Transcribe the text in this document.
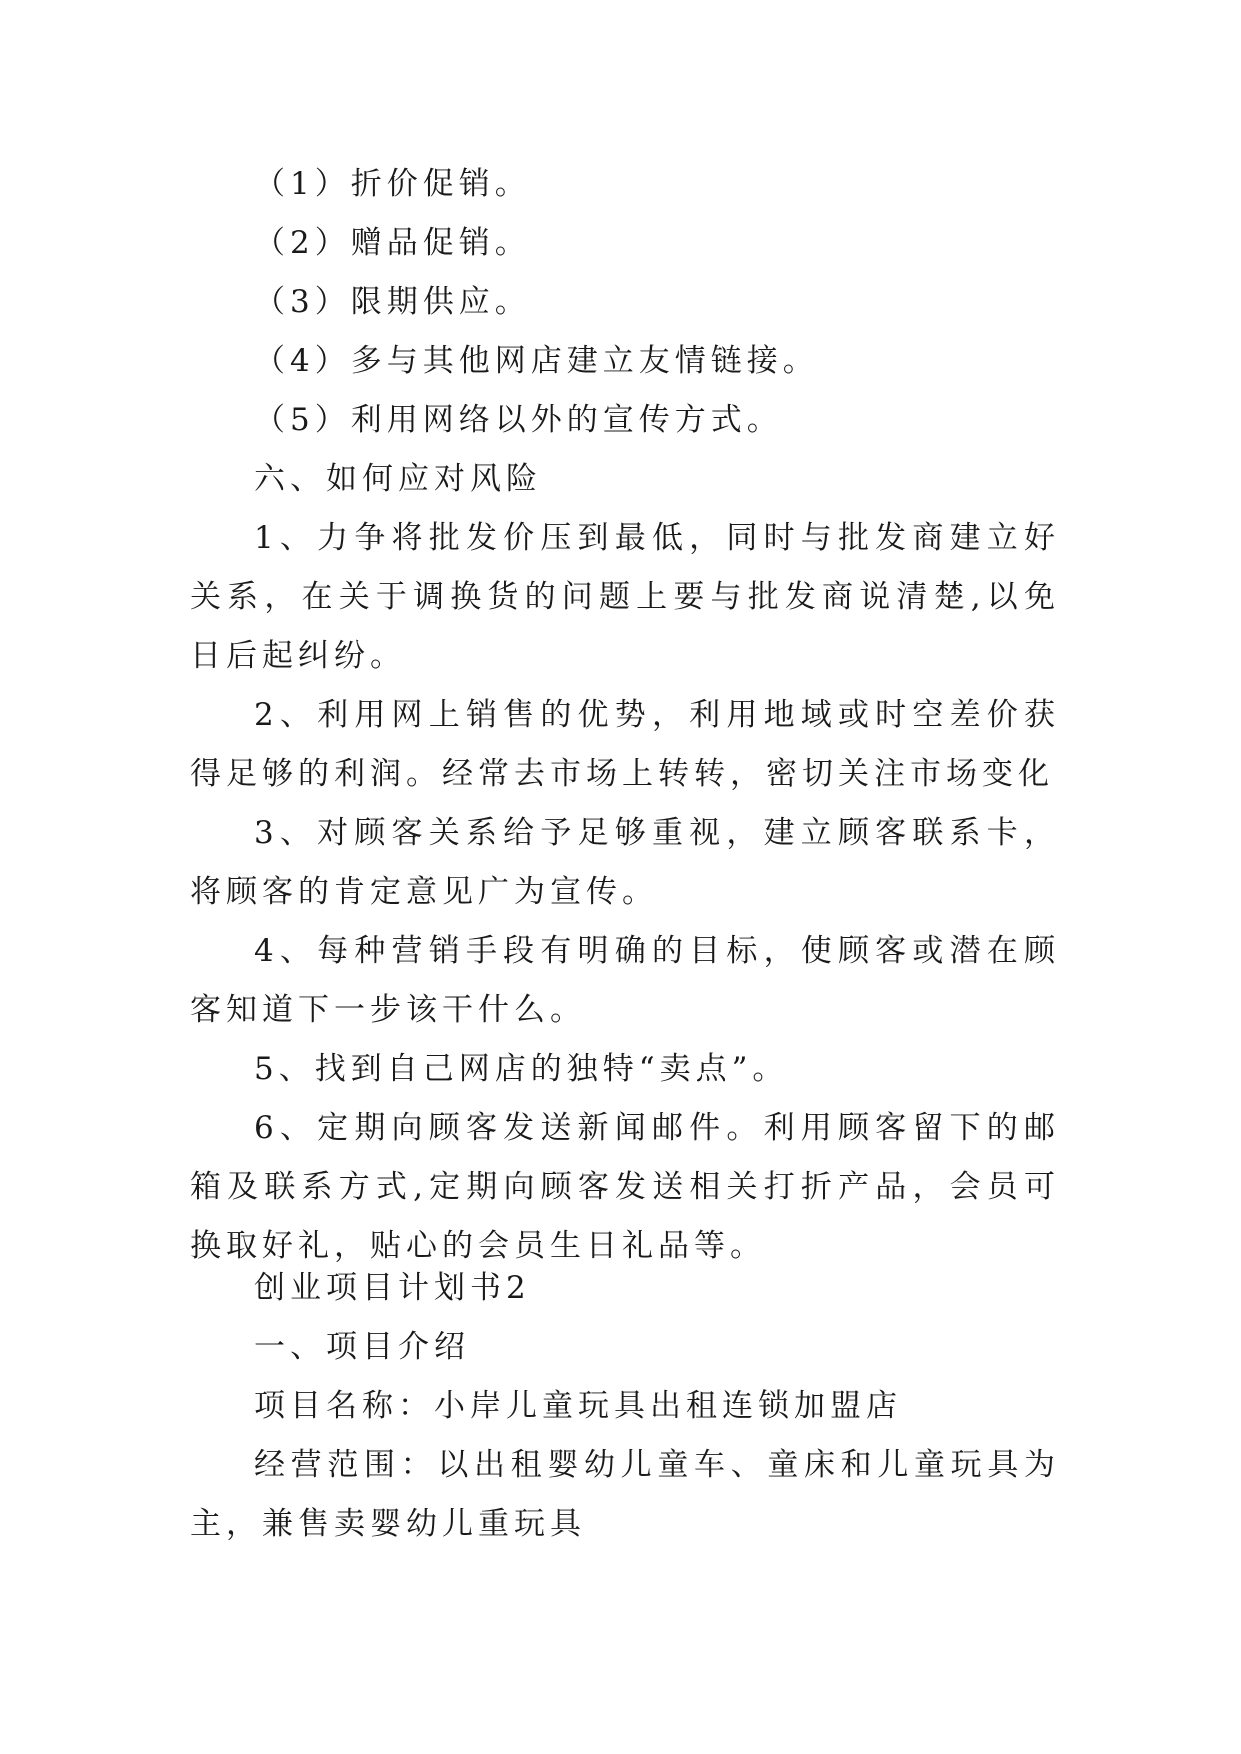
（1）折价促销。

（2）赠品促销。

（3）限期供应。

（4）多与其他网店建立友情链接。

（5）利用网络以外的宣传方式。

六、如何应对风险

1、力争将批发价压到最低，同时与批发商建立好关系，在关于调换货的问题上要与批发商说清楚,以免日后起纠纷。

2、利用网上销售的优势，利用地域或时空差价获得足够的利润。经常去市场上转转，密切关注市场变化

3、对顾客关系给予足够重视，建立顾客联系卡，将顾客的肯定意见广为宣传。

4、每种营销手段有明确的目标，使顾客或潜在顾客知道下一步该干什么。

5、找到自己网店的独特“卖点”。

6、定期向顾客发送新闻邮件。利用顾客留下的邮箱及联系方式,定期向顾客发送相关打折产品，会员可换取好礼，贴心的会员生日礼品等。

创业项目计划书2

一、项目介绍

项目名称：小岸儿童玩具出租连锁加盟店

经营范围：以出租婴幼儿童车、童床和儿童玩具为主，兼售卖婴幼儿重玩具
